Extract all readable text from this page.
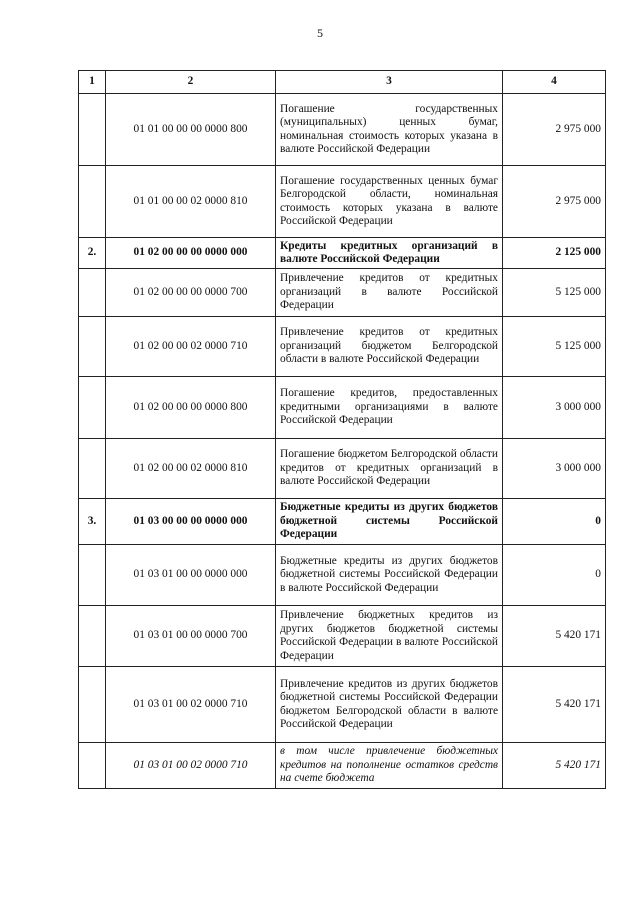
5
1	2	3	4
	01 01 00 00 00 0000 800	Погашение государственных (муниципальных) ценных бумаг, номинальная стоимость которых указана в валюте Российской Федерации	2 975 000
	01 01 00 00 02 0000 810	Погашение государственных ценных бумаг Белгородской области, номинальная стоимость которых указана в валюте Российской Федерации	2 975 000
2.	01 02 00 00 00 0000 000	Кредиты кредитных организаций в валюте Российской Федерации	2 125 000
	01 02 00 00 00 0000 700	Привлечение кредитов от кредитных организаций в валюте Российской Федерации	5 125 000
	01 02 00 00 02 0000 710	Привлечение кредитов от кредитных организаций бюджетом Белгородской области в валюте Российской Федерации	5 125 000
	01 02 00 00 00 0000 800	Погашение кредитов, предоставленных кредитными организациями в валюте Российской Федерации	3 000 000
	01 02 00 00 02 0000 810	Погашение бюджетом Белгородской области кредитов от кредитных организаций в валюте Российской Федерации	3 000 000
3.	01 03 00 00 00 0000 000	Бюджетные кредиты из других бюджетов бюджетной системы Российской Федерации	0
	01 03 01 00 00 0000 000	Бюджетные кредиты из других бюджетов бюджетной системы Российской Федерации в валюте Российской Федерации	0
	01 03 01 00 00 0000 700	Привлечение бюджетных кредитов из других бюджетов бюджетной системы Российской Федерации в валюте Российской Федерации	5 420 171
	01 03 01 00 02 0000 710	Привлечение кредитов из других бюджетов бюджетной системы Российской Федерации бюджетом Белгородской области в валюте Российской Федерации	5 420 171
	01 03 01 00 02 0000 710	в том числе привлечение бюджетных кредитов на пополнение остатков средств на счете бюджета	5 420 171
